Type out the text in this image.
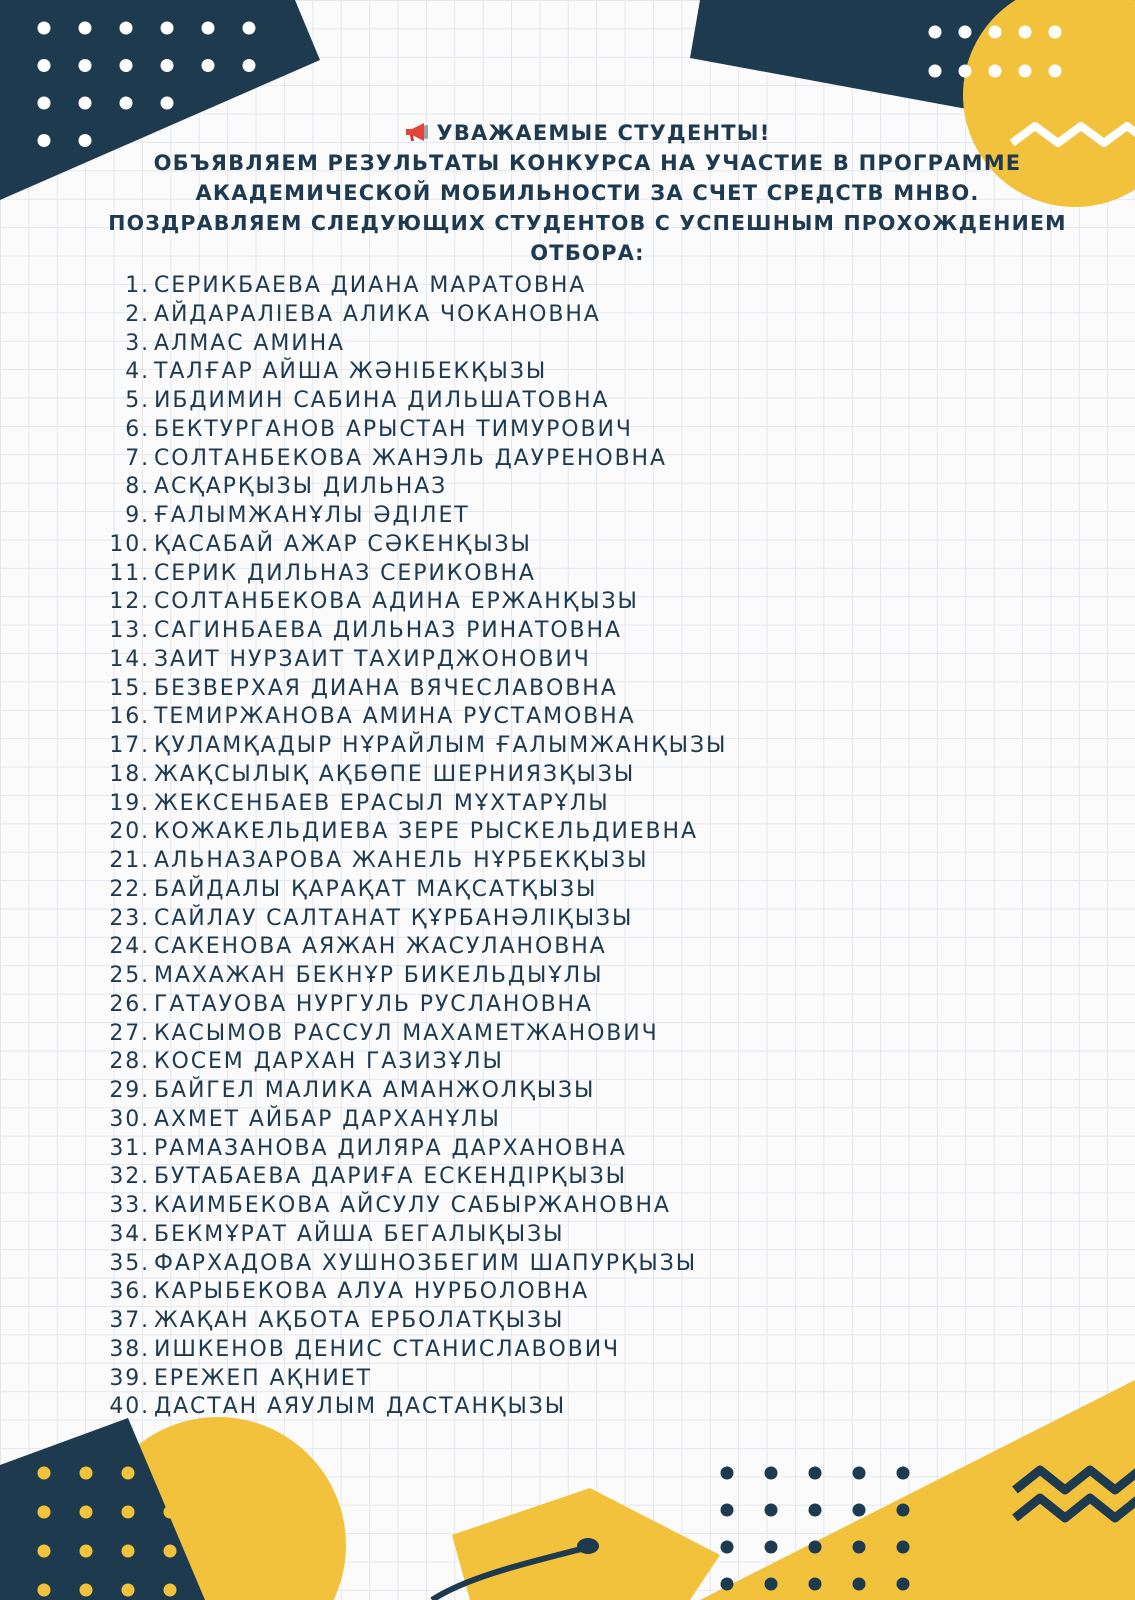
УВАЖАЕМЫЕ СТУДЕНТЫ!
ОБЪЯВЛЯЕМ РЕЗУЛЬТАТЫ КОНКУРСА НА УЧАСТИЕ В ПРОГРАММЕ
АКАДЕМИЧЕСКОЙ МОБИЛЬНОСТИ ЗА СЧЕТ СРЕДСТВ МНВО.
ПОЗДРАВЛЯЕМ СЛЕДУЮЩИХ СТУДЕНТОВ С УСПЕШНЫМ ПРОХОЖДЕНИЕМ
ОТБОРА:
1. СЕРИКБАЕВА ДИАНА МАРАТОВНА
2. АЙДАРАЛІЕВА АЛИКА ЧОКАНОВНА
3. АЛМАС АМИНА
4. ТАЛҒАР АЙША ЖӘНІБЕКҚЫЗЫ
5. ИБДИМИН САБИНА ДИЛЬШАТОВНА
6. БЕКТУРГАНОВ АРЫСТАН ТИМУРОВИЧ
7. СОЛТАНБЕКОВА ЖАНЭЛЬ ДАУРЕНОВНА
8. АСҚАРҚЫЗЫ ДИЛЬНАЗ
9. ҒАЛЫМЖАНҰЛЫ ӘДІЛЕТ
10. ҚАСАБАЙ АЖАР СӘКЕНҚЫЗЫ
11. СЕРИК ДИЛЬНАЗ СЕРИКОВНА
12. СОЛТАНБЕКОВА АДИНА ЕРЖАНҚЫЗЫ
13. САГИНБАЕВА ДИЛЬНАЗ РИНАТОВНА
14. ЗАИТ НУРЗАИТ ТАХИРДЖОНОВИЧ
15. БЕЗВЕРХАЯ ДИАНА ВЯЧЕСЛАВОВНА
16. ТЕМИРЖАНОВА АМИНА РУСТАМОВНА
17. ҚУЛАМҚАДЫР НҰРАЙЛЫМ ҒАЛЫМЖАНҚЫЗЫ
18. ЖАҚСЫЛЫҚ АҚБӨПЕ ШЕРНИЯЗҚЫЗЫ
19. ЖЕКСЕНБАЕВ ЕРАСЫЛ МҰХТАРҰЛЫ
20. КОЖАКЕЛЬДИЕВА ЗЕРЕ РЫСКЕЛЬДИЕВНА
21. АЛЬНАЗАРОВА ЖАНЕЛЬ НҰРБЕКҚЫЗЫ
22. БАЙДАЛЫ ҚАРАҚАТ МАҚСАТҚЫЗЫ
23. САЙЛАУ САЛТАНАТ ҚҰРБАНӘЛІҚЫЗЫ
24. САКЕНОВА АЯЖАН ЖАСУЛАНОВНА
25. МАХАЖАН БЕКНҰР БИКЕЛЬДЫҰЛЫ
26. ГАТАУОВА НУРГУЛЬ РУСЛАНОВНА
27. КАСЫМОВ РАССУЛ МАХАМЕТЖАНОВИЧ
28. КОСЕМ ДАРХАН ГАЗИЗҰЛЫ
29. БАЙГЕЛ МАЛИКА АМАНЖОЛҚЫЗЫ
30. АХМЕТ АЙБАР ДАРХАНҰЛЫ
31. РАМАЗАНОВА ДИЛЯРА ДАРХАНОВНА
32. БУТАБАЕВА ДАРИҒА ЕСКЕНДІРҚЫЗЫ
33. КАИМБЕКОВА АЙСУЛУ САБЫРЖАНОВНА
34. БЕКМҰРАТ АЙША БЕГАЛЫҚЫЗЫ
35. ФАРХАДОВА ХУШНОЗБЕГИМ ШАПУРҚЫЗЫ
36. КАРЫБЕКОВА АЛУА НУРБОЛОВНА
37. ЖАҚАН АҚБОТА ЕРБОЛАТҚЫЗЫ
38. ИШКЕНОВ ДЕНИС СТАНИСЛАВОВИЧ
39. ЕРЕЖЕП АҚНИЕТ
40. ДАСТАН АЯУЛЫМ ДАСТАНҚЫЗЫ
